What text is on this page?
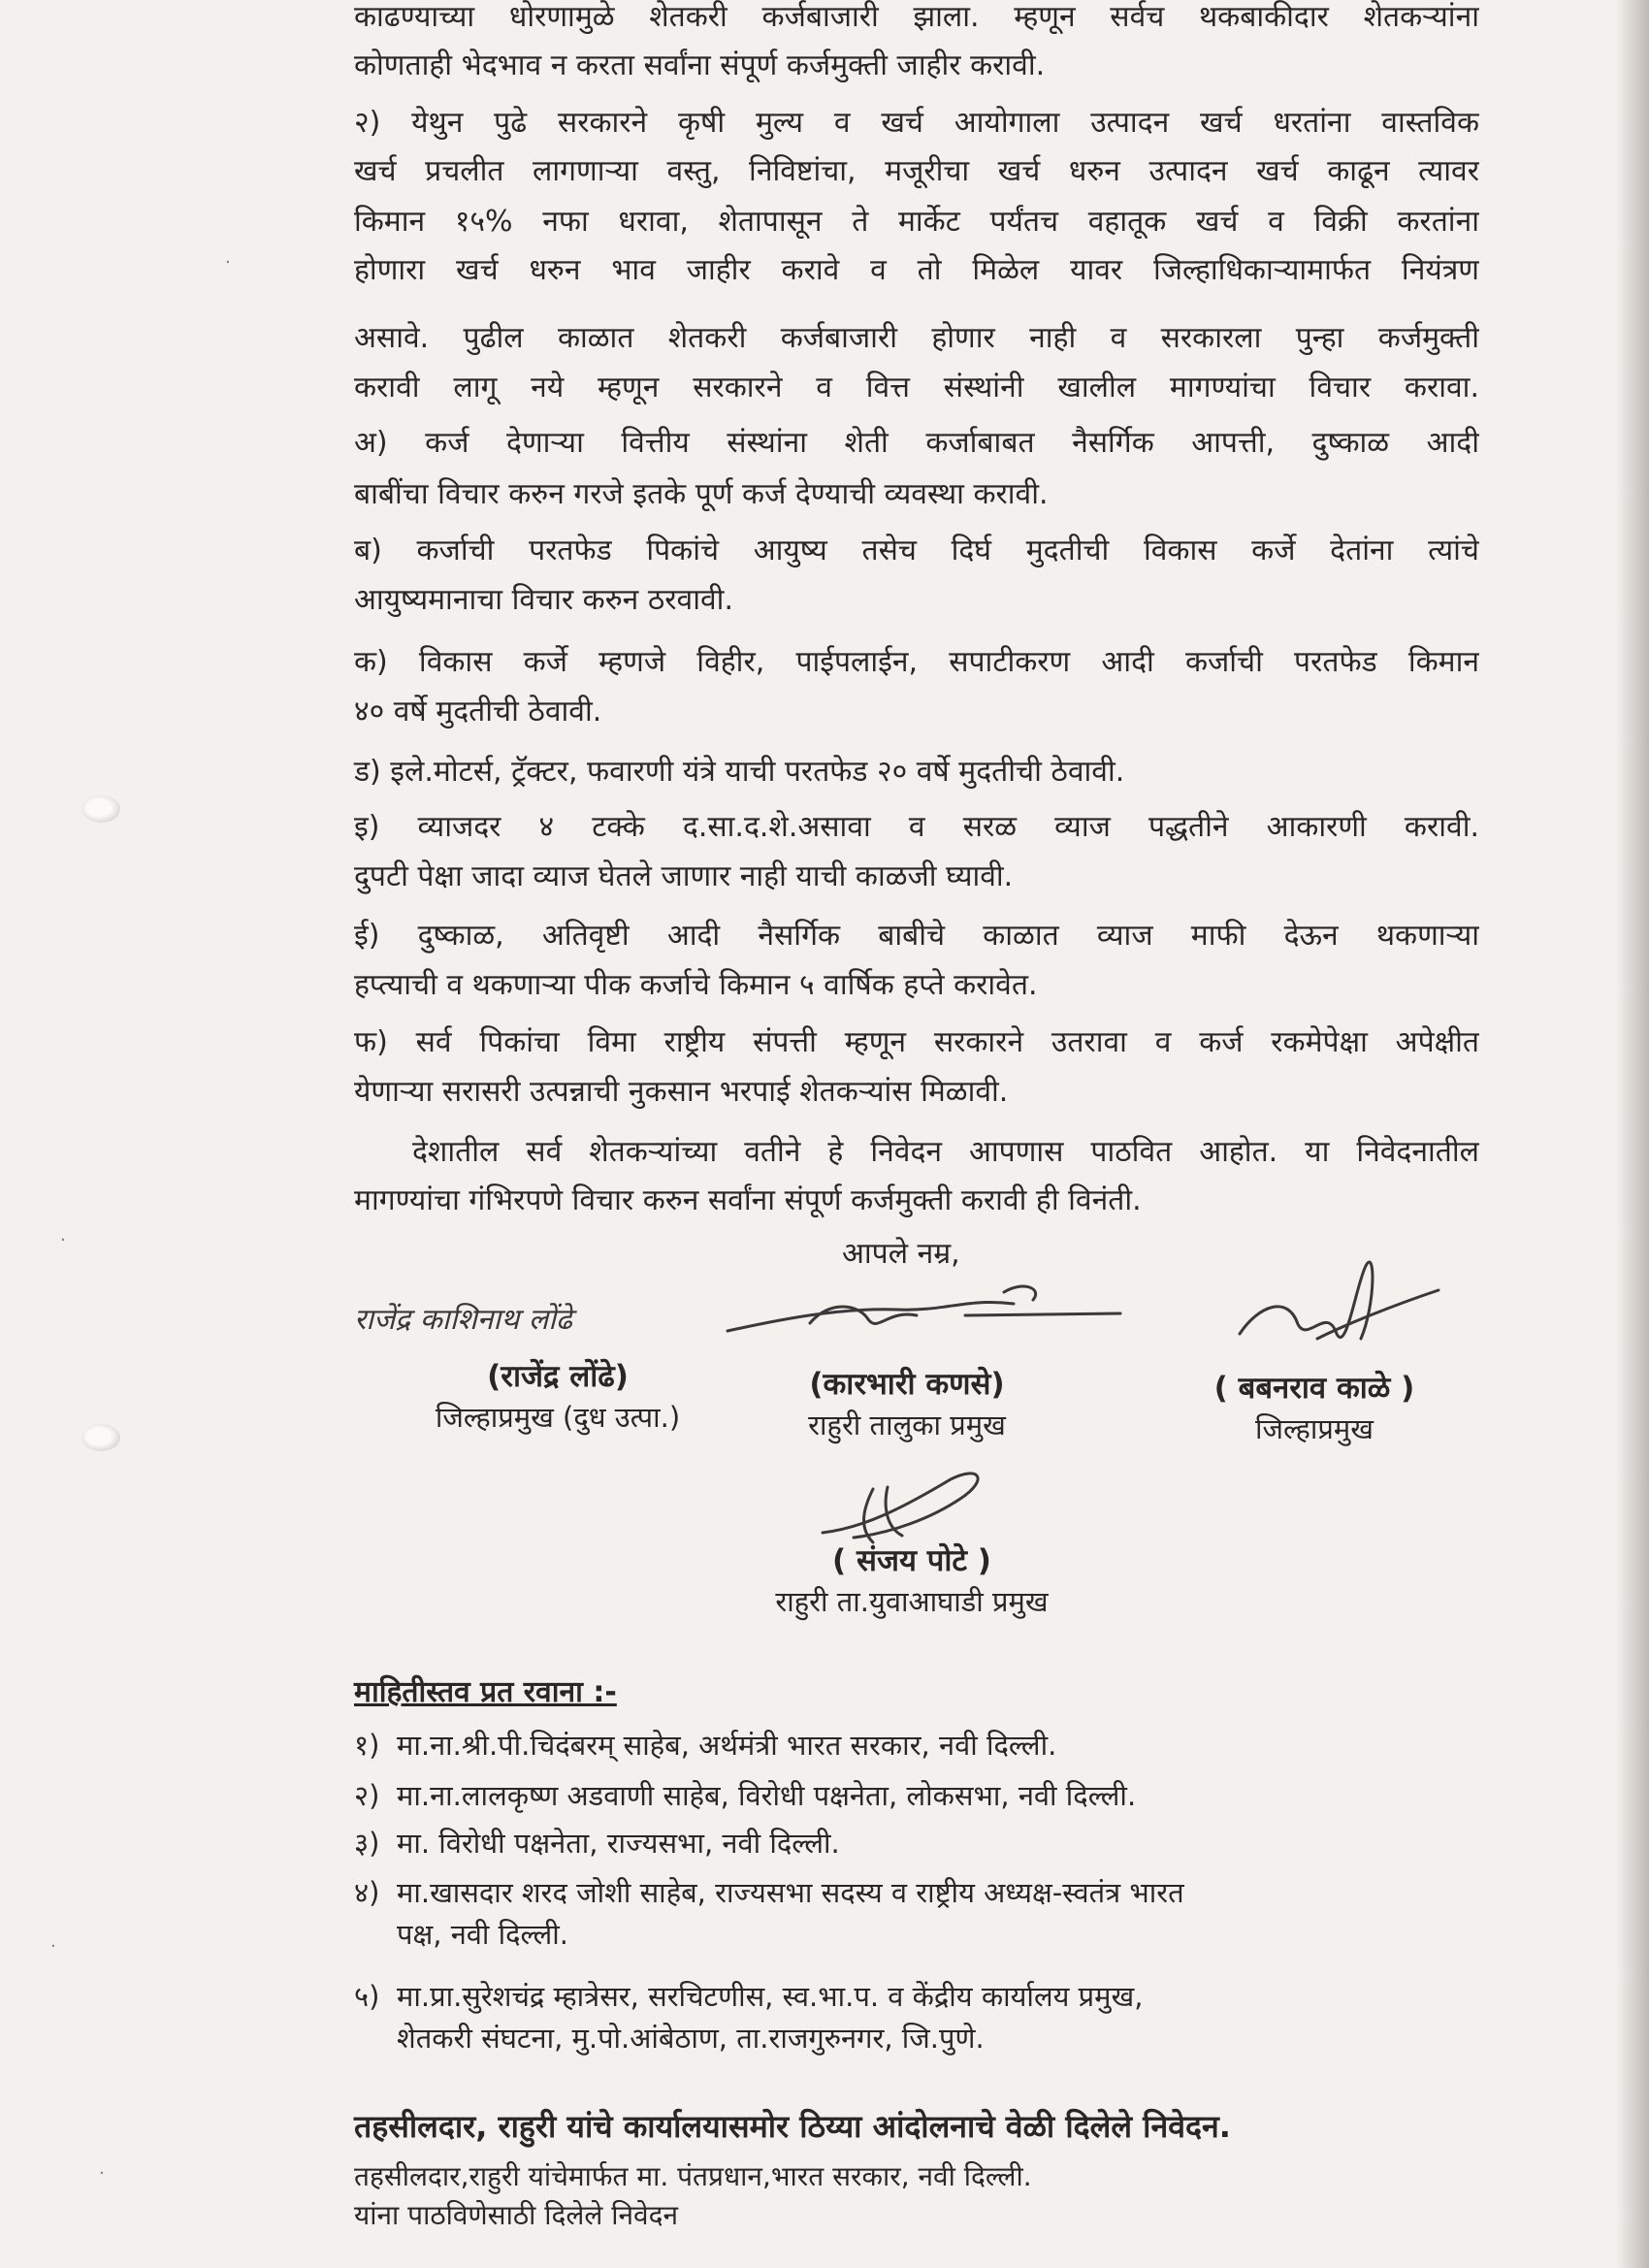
·
·
·
·
काढण्याच्या धोरणामुळे शेतकरी कर्जबाजारी झाला. म्हणून सर्वच थकबाकीदार शेतकऱ्यांना
कोणताही भेदभाव न करता सर्वांना संपूर्ण कर्जमुक्ती जाहीर करावी.
२) येथुन पुढे सरकारने कृषी मुल्य व खर्च आयोगाला उत्पादन खर्च धरतांना वास्तविक
खर्च प्रचलीत लागणाऱ्या वस्तु, निविष्टांचा, मजूरीचा खर्च धरुन उत्पादन खर्च काढून त्यावर
किमान १५% नफा धरावा, शेतापासून ते मार्केट पर्यंतच वहातूक खर्च व विक्री करतांना
होणारा खर्च धरुन भाव जाहीर करावे व तो मिळेल यावर जिल्हाधिकाऱ्यामार्फत नियंत्रण
असावे. पुढील काळात शेतकरी कर्जबाजारी होणार नाही व सरकारला पुन्हा कर्जमुक्ती
करावी लागू नये म्हणून सरकारने व वित्त संस्थांनी खालील मागण्यांचा विचार करावा.
अ) कर्ज देणाऱ्या वित्तीय संस्थांना शेती कर्जाबाबत नैसर्गिक आपत्ती, दुष्काळ आदी
बाबींचा विचार करुन गरजे इतके पूर्ण कर्ज देण्याची व्यवस्था करावी.
ब) कर्जाची परतफेड पिकांचे आयुष्य तसेच दिर्घ मुदतीची विकास कर्जे देतांना त्यांचे
आयुष्यमानाचा विचार करुन ठरवावी.
क) विकास कर्जे म्हणजे विहीर, पाईपलाईन, सपाटीकरण आदी कर्जाची परतफेड किमान
४० वर्षे मुदतीची ठेवावी.
ड) इले.मोटर्स, ट्रॅक्टर, फवारणी यंत्रे याची परतफेड २० वर्षे मुदतीची ठेवावी.
इ) व्याजदर ४ टक्के द.सा.द.शे.असावा व सरळ व्याज पद्धतीने आकारणी करावी.
दुपटी पेक्षा जादा व्याज घेतले जाणार नाही याची काळजी घ्यावी.
ई) दुष्काळ, अतिवृष्टी आदी नैसर्गिक बाबीचे काळात व्याज माफी देऊन थकणाऱ्या
हप्त्याची व थकणाऱ्या पीक कर्जाचे किमान ५ वार्षिक हप्ते करावेत.
फ) सर्व पिकांचा विमा राष्ट्रीय संपत्ती म्हणून सरकारने उतरावा व कर्ज रकमेपेक्षा अपेक्षीत
येणाऱ्या सरासरी उत्पन्नाची नुकसान भरपाई शेतकऱ्यांस मिळावी.
देशातील सर्व शेतकऱ्यांच्या वतीने हे निवेदन आपणास पाठवित आहोत. या निवेदनातील
मागण्यांचा गंभिरपणे विचार करुन सर्वांना संपूर्ण कर्जमुक्ती करावी ही विनंती.
आपले नम्र,
राजेंद्र काशिनाथ लोंढे
(राजेंद्र लोंढे)
जिल्हाप्रमुख (दुध उत्पा.)
(कारभारी कणसे)
राहुरी तालुका प्रमुख
( बबनराव काळे )
जिल्हाप्रमुख
( संजय पोटे )
राहुरी ता.युवाआघाडी प्रमुख
माहितीस्तव प्रत रवाना :-
१) मा.ना.श्री.पी.चिदंबरम् साहेब, अर्थमंत्री भारत सरकार, नवी दिल्ली.
२) मा.ना.लालकृष्ण अडवाणी साहेब, विरोधी पक्षनेता, लोकसभा, नवी दिल्ली.
३) मा. विरोधी पक्षनेता, राज्यसभा, नवी दिल्ली.
४) मा.खासदार शरद जोशी साहेब, राज्यसभा सदस्य व राष्ट्रीय अध्यक्ष-स्वतंत्र भारत
पक्ष, नवी दिल्ली.
५) मा.प्रा.सुरेशचंद्र म्हात्रेसर, सरचिटणीस, स्व.भा.प. व केंद्रीय कार्यालय प्रमुख,
शेतकरी संघटना, मु.पो.आंबेठाण, ता.राजगुरुनगर, जि.पुणे.
तहसीलदार, राहुरी यांचे कार्यालयासमोर ठिय्या आंदोलनाचे वेळी दिलेले निवेदन.
तहसीलदार,राहुरी यांचेमार्फत मा. पंतप्रधान,भारत सरकार, नवी दिल्ली.
यांना पाठविणेसाठी दिलेले निवेदन
